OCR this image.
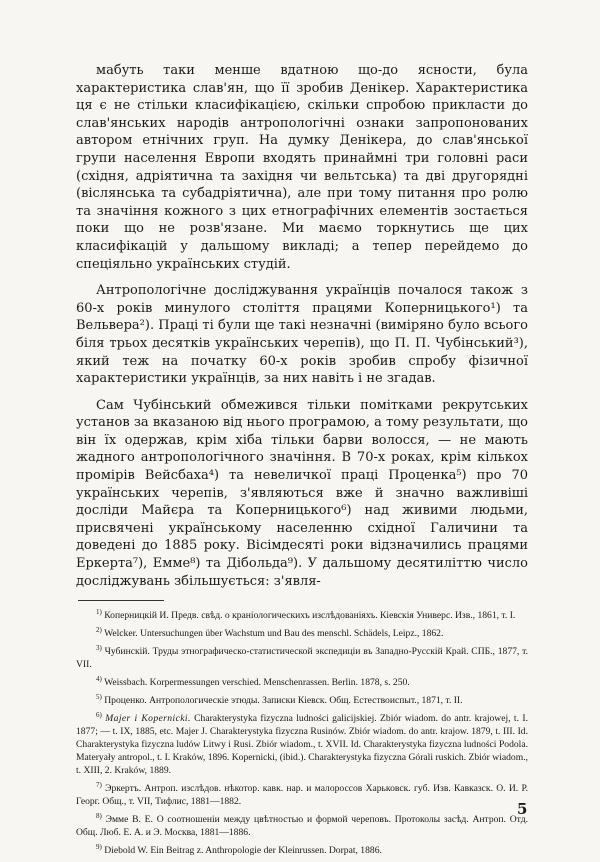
мабуть таки менше вдатною що-до ясности, була характеристика слав'ян, що її зробив Денікер. Характеристика ця є не стільки класифікацією, скільки спробою прикласти до слав'янських народів антропологічні ознаки запропонованих автором етнічних груп. На думку Денікера, до слав'янської групи населення Европи входять принаймні три головні раси (східня, адріятична та західня чи вельтська) та дві другорядні (віслянська та субадріятична), але при тому питання про ролю та значіння кожного з цих етнографічних елементів зостається поки що не розв'язане. Ми маємо торкнутись ще цих класифікацій у дальшому викладі; а тепер перейдемо до спеціяльно українських студій.

Антропологічне досліджування українців почалося також з 60-х років минулого століття працями Коперницького¹) та Вельвера²). Праці ті були ще такі незначні (виміряно було всього біля трьох десятків українських черепів), що П. П. Чубінський³), який теж на початку 60-х років зробив спробу фізичної характеристики українців, за них навіть і не згадав.

Сам Чубінський обмежився тільки помітками рекрутських установ за вказаною від нього програмою, а тому результати, що він їх одержав, крім хіба тільки барви волосся, — не мають жадного антропологічного значіння. В 70-х роках, крім кількох промірів Вейсбаха⁴) та невеличкої праці Проценка⁵) про 70 українських черепів, з'являються вже й значно важливіші досліди Майєра та Коперницького⁶) над живими людьми, присвячені українському населенню східної Галичини та доведені до 1885 року. Вісімдесяті роки відзначились працями Еркерта⁷), Емме⁸) та Дібольда⁹). У дальшому десятиліттю число досліджувань збільшується: з'явля-

$^{1)}$ Коперницкій И. Предв. свѣд. о краніологическихъ изслѣдованіяхъ. Кіевскія Универс. Изв., 1861, т. I.

$^{2)}$ Welcker. Untersuchungen über Wachstum und Bau des menschl. Schädels, Leipz., 1862.

$^{3)}$ Чубинскій. Труды этнографическо-статистической экспедиціи въ Западно-Русскій Край. СПБ., 1877, т. VII.

$^{4)}$ Weissbach. Korpermessungen verschied. Menschenrassen. Berlin. 1878, s. 250.

$^{5)}$ Проценко. Антропологическіе этюды. Записки Кіевск. Общ. Естествоиспыт., 1871, т. II.

$^{6)}$ Majer i Kopernicki. Charakterystyka fizyczna ludności galicijskiej. Zbiór wiadom. do antr. krajowej, t. I. 1877; — t. IX, 1885, etc. Majer J. Charakterystyka fizyczna Rusinów. Zbiór wiadom. do antr. krajow. 1879, t. III. Id. Charakterystyka fizyczna ludów Litwy i Rusi. Zbiór wiadom., t. XVII. Id. Charakterystyka fizyczna ludności Podola. Materyały antropol., t. I. Kraków, 1896. Kopernicki, (ibid.). Charakterystyka fizyczna Górali ruskich. Zbiór wiadom., t. XIII, 2. Kraków, 1889.

$^{7)}$ Эркертъ. Антроп. изслѣдов. нѣкотор. кавк. нар. и малороссов Харьковск. губ. Изв. Кавказск. О. И. Р. Георг. Общ., т. VII, Тифлис, 1881—1882.

$^{8)}$ Эмме В. Е. О соотношеніи между цвѣтностью и формой череповъ. Протоколы засѣд. Антроп. Отд. Общ. Люб. Е. А. и Э. Москва, 1881—1886.

$^{9)}$ Diebold W. Ein Beitrag z. Anthropologie der Kleinrussen. Dorpat, 1886.

5
